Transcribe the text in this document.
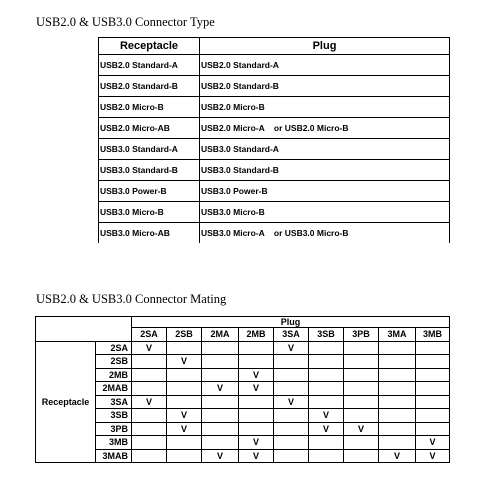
USB2.0 & USB3.0 Connector Type
Receptacle	Plug
USB2.0 Standard-A	USB2.0 Standard-A
USB2.0 Standard-B	USB2.0 Standard-B
USB2.0 Micro-B	USB2.0 Micro-B
USB2.0 Micro-AB	USB2.0 Micro-A    or USB2.0 Micro-B
USB3.0 Standard-A	USB3.0 Standard-A
USB3.0 Standard-B	USB3.0 Standard-B
USB3.0 Power-B	USB3.0 Power-B
USB3.0 Micro-B	USB3.0 Micro-B
USB3.0 Micro-AB	USB3.0 Micro-A    or USB3.0 Micro-B
USB2.0 & USB3.0 Connector Mating
		Plug								
		2SA	2SB	2MA	2MB	3SA	3SB	3PB	3MA	3MB
Receptacle	2SA	V				V				
	2SB		V							
	2MB				V					
	2MAB			V	V					
	3SA	V				V				
	3SB		V				V			
	3PB		V				V	V		
	3MB				V					V
	3MAB			V	V				V	V
